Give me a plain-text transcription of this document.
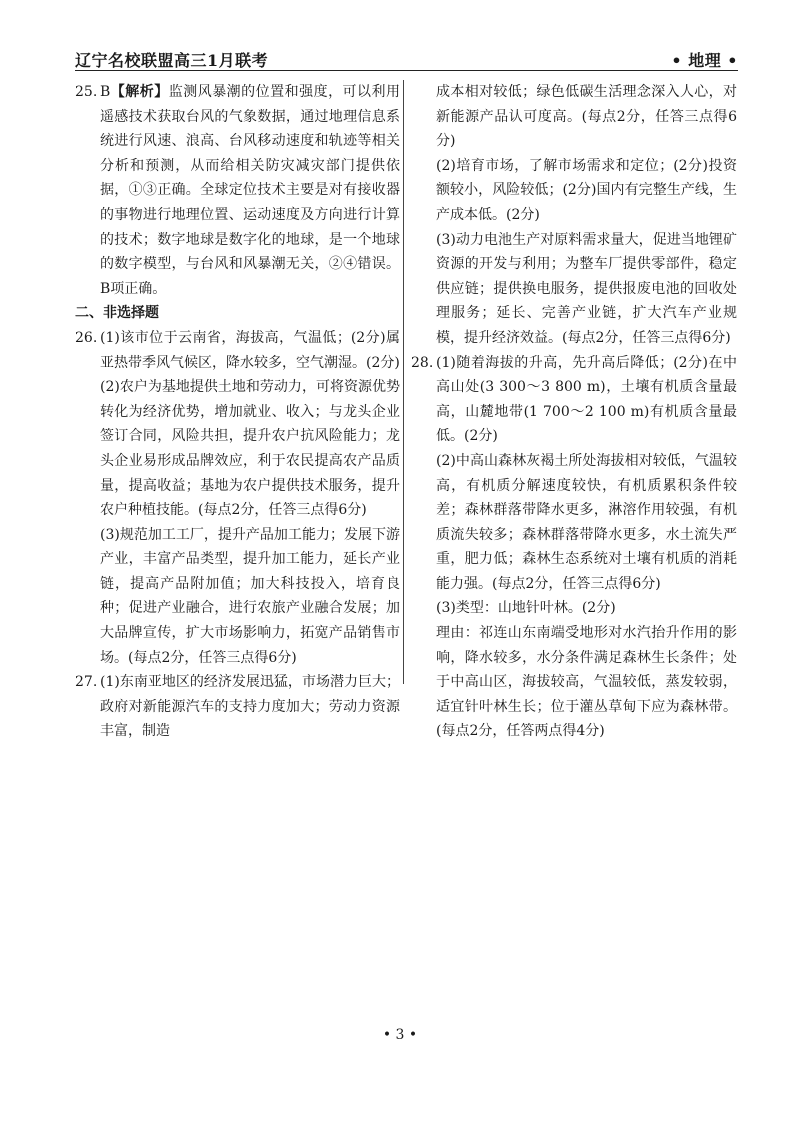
辽宁名校联盟高三1月联考	• 地理 •

25. B【解析】监测风暴潮的位置和强度，可以利用遥感技术获取台风的气象数据，通过地理信息系统进行风速、浪高、台风移动速度和轨迹等相关分析和预测，从而给相关防灾减灾部门提供依据，①③正确。全球定位技术主要是对有接收器的事物进行地理位置、运动速度及方向进行计算的技术；数字地球是数字化的地球，是一个地球的数字模型，与台风和风暴潮无关，②④错误。B项正确。

二、非选择题

26. (1)该市位于云南省，海拔高，气温低；(2分)属亚热带季风气候区，降水较多，空气潮湿。(2分)

(2)农户为基地提供土地和劳动力，可将资源优势转化为经济优势，增加就业、收入；与龙头企业签订合同，风险共担，提升农户抗风险能力；龙头企业易形成品牌效应，利于农民提高农产品质量，提高收益；基地为农户提供技术服务，提升农户种植技能。(每点2分，任答三点得6分)

(3)规范加工工厂，提升产品加工能力；发展下游产业，丰富产品类型，提升加工能力，延长产业链，提高产品附加值；加大科技投入，培育良种；促进产业融合，进行农旅产业融合发展；加大品牌宣传，扩大市场影响力，拓宽产品销售市场。(每点2分，任答三点得6分)

27. (1)东南亚地区的经济发展迅猛，市场潜力巨大；政府对新能源汽车的支持力度加大；劳动力资源丰富，制造

成本相对较低；绿色低碳生活理念深入人心，对新能源产品认可度高。(每点2分，任答三点得6分)

(2)培育市场，了解市场需求和定位；(2分)投资额较小，风险较低；(2分)国内有完整生产线，生产成本低。(2分)

(3)动力电池生产对原料需求量大，促进当地锂矿资源的开发与利用；为整车厂提供零部件，稳定供应链；提供换电服务，提供报废电池的回收处理服务；延长、完善产业链，扩大汽车产业规模，提升经济效益。(每点2分，任答三点得6分)

28. (1)随着海拔的升高，先升高后降低；(2分)在中高山处(3 300～3 800 m)，土壤有机质含量最高，山麓地带(1 700～2 100 m)有机质含量最低。(2分)

(2)中高山森林灰褐土所处海拔相对较低，气温较高，有机质分解速度较快，有机质累积条件较差；森林群落带降水更多，淋溶作用较强，有机质流失较多；森林群落带降水更多，水土流失严重，肥力低；森林生态系统对土壤有机质的消耗能力强。(每点2分，任答三点得6分)

(3)类型：山地针叶林。(2分)

理由：祁连山东南端受地形对水汽抬升作用的影响，降水较多，水分条件满足森林生长条件；处于中高山区，海拔较高，气温较低，蒸发较弱，适宜针叶林生长；位于灌丛草甸下应为森林带。(每点2分，任答两点得4分)

• 3 •
